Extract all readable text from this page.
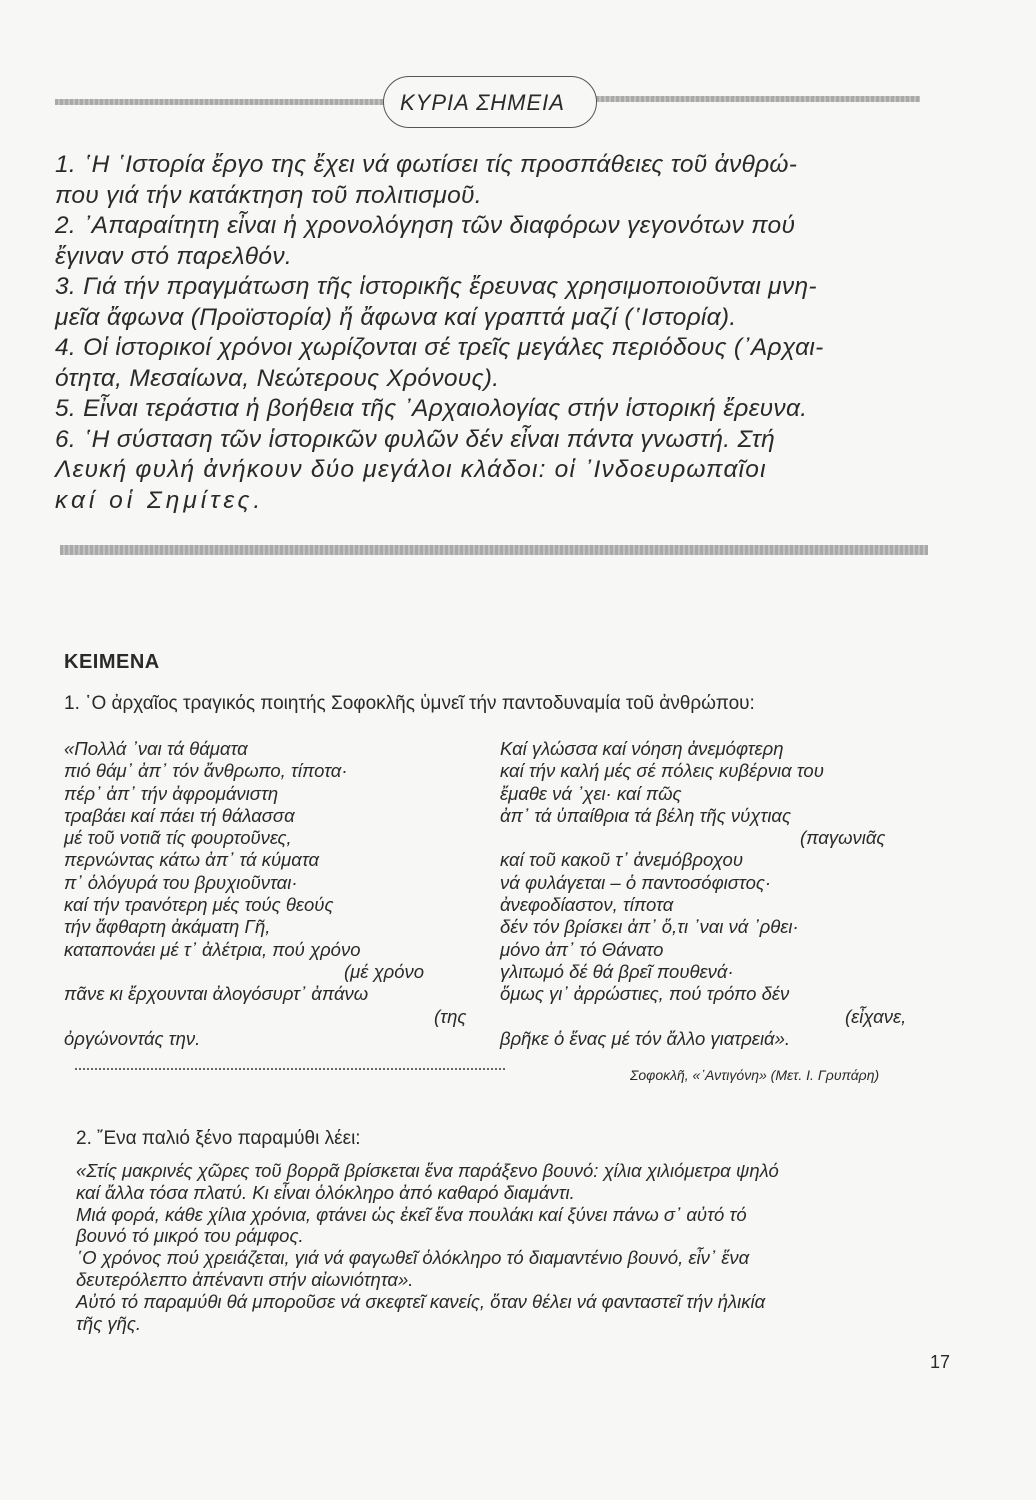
ΚΥΡΙΑ ΣΗΜΕΙΑ

1. ῾Η ῾Ιστορία ἔργο της ἔχει νά φωτίσει τίς προσπάθειες τοῦ ἀνθρώ-

που γιά τήν κατάκτηση τοῦ πολιτισμοῦ.

2. ᾿Απαραίτητη εἶναι ἡ χρονολόγηση τῶν διαφόρων γεγονότων πού

ἔγιναν στό παρελθόν.

3. Γιά τήν πραγμάτωση τῆς ἱστορικῆς ἔρευνας χρησιμοποιοῦνται μνη-

μεῖα ἄφωνα (Προϊστορία) ἤ ἄφωνα καί γραπτά μαζί (῾Ιστορία).

4. Οἱ ἱστορικοί χρόνοι χωρίζονται σέ τρεῖς μεγάλες περιόδους (᾿Αρχαι-

ότητα, Μεσαίωνα, Νεώτερους Χρόνους).

5. Εἶναι τεράστια ἡ βοήθεια τῆς ᾿Αρχαιολογίας στήν ἱστορική ἔρευνα.

6. ῾Η σύσταση τῶν ἱστορικῶν φυλῶν δέν εἶναι πάντα γνωστή. Στή

Λευκή φυλή ἀνήκουν δύο μεγάλοι κλάδοι: οἱ ᾿Ινδοευρωπαῖοι

καί οἱ Σημίτες.

ΚΕΙΜΕΝΑ
1. ῾Ο ἀρχαῖος τραγικός ποιητής Σοφοκλῆς ὑμνεῖ τήν παντοδυναμία τοῦ ἀνθρώπου:
«Πολλά ᾿ναι τά θάματα
πιό θάμ᾿ ἀπ᾿ τόν ἄνθρωπο, τίποτα·
πέρ᾿ ἀπ᾿ τήν ἀφρομάνιστη
τραβάει καί πάει τή θάλασσα
μέ τοῦ νοτιᾶ τίς φουρτοῦνες,
περνώντας κάτω ἀπ᾿ τά κύματα
π᾿ ὁλόγυρά του βρυχιοῦνται·
καί τήν τρανότερη μές τούς θεούς
τήν ἄφθαρτη ἀκάματη Γῆ,
καταπονάει μέ τ᾿ ἀλέτρια, πού χρόνο
(μέ χρόνο
πᾶνε κι ἔρχουνται ἀλογόσυρτ᾿ ἀπάνω
(της
ὀργώνοντάς την.
Καί γλώσσα καί νόηση ἀνεμόφτερη
καί τήν καλή μές σέ πόλεις κυβέρνια του
ἔμαθε νά ᾿χει· καί πῶς
ἀπ᾿ τά ὑπαίθρια τά βέλη τῆς νύχτιας
(παγωνιᾶς
καί τοῦ κακοῦ τ᾿ ἀνεμόβροχου
νά φυλάγεται – ὁ παντοσόφιστος·
ἀνεφοδίαστον, τίποτα
δέν τόν βρίσκει ἀπ᾿ ὅ,τι ᾿ναι νά ᾿ρθει·
μόνο ἀπ᾿ τό Θάνατο
γλιτωμό δέ θά βρεῖ πουθενά·
ὅμως γι᾿ ἀρρώστιες, πού τρόπο δέν
(εἶχανε,
βρῆκε ὁ ἕνας μέ τόν ἄλλο γιατρειά».
Σοφοκλῆ, «᾿Αντιγόνη» (Μετ. Ι. Γρυπάρη)
2. ῎Ενα παλιό ξένο παραμύθι λέει:
«Στίς μακρινές χῶρες τοῦ βορρᾶ βρίσκεται ἕνα παράξενο βουνό: χίλια χιλιόμετρα ψηλό
καί ἄλλα τόσα πλατύ. Κι εἶναι ὁλόκληρο ἀπό καθαρό διαμάντι.
Μιά φορά, κάθε χίλια χρόνια, φτάνει ὡς ἐκεῖ ἕνα πουλάκι καί ξύνει πάνω σ᾿ αὐτό τό
βουνό τό μικρό του ράμφος.
῾Ο χρόνος πού χρειάζεται, γιά νά φαγωθεῖ ὁλόκληρο τό διαμαντένιο βουνό, εἶν᾿ ἕνα
δευτερόλεπτο ἀπέναντι στήν αἰωνιότητα».
Αὐτό τό παραμύθι θά μποροῦσε νά σκεφτεῖ κανείς, ὅταν θέλει νά φανταστεῖ τήν ἡλικία
τῆς γῆς.
17
